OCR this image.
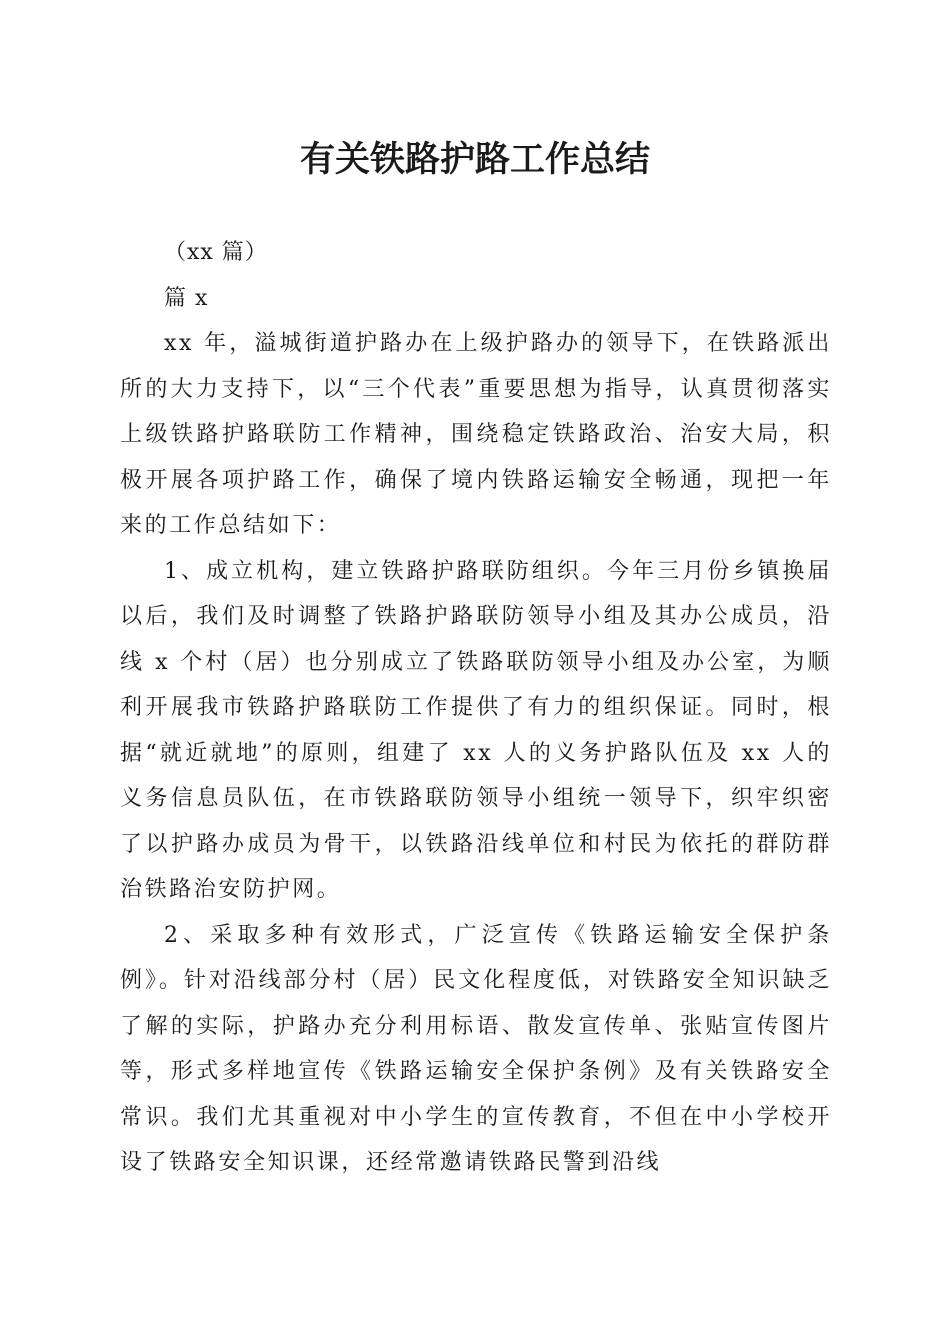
有关铁路护路工作总结

（xx 篇）

篇 x

xx 年，溢城街道护路办在上级护路办的领导下，在铁路派出所的大力支持下，以“三个代表”重要思想为指导，认真贯彻落实上级铁路护路联防工作精神，围绕稳定铁路政治、治安大局，积极开展各项护路工作，确保了境内铁路运输安全畅通，现把一年来的工作总结如下：

1、成立机构，建立铁路护路联防组织。今年三月份乡镇换届以后，我们及时调整了铁路护路联防领导小组及其办公成员，沿线 x 个村（居）也分别成立了铁路联防领导小组及办公室，为顺利开展我市铁路护路联防工作提供了有力的组织保证。同时，根据“就近就地”的原则，组建了 xx 人的义务护路队伍及 xx 人的义务信息员队伍，在市铁路联防领导小组统一领导下，织牢织密了以护路办成员为骨干，以铁路沿线单位和村民为依托的群防群治铁路治安防护网。

2、采取多种有效形式，广泛宣传《铁路运输安全保护条例》。针对沿线部分村（居）民文化程度低，对铁路安全知识缺乏了解的实际，护路办充分利用标语、散发宣传单、张贴宣传图片等，形式多样地宣传《铁路运输安全保护条例》及有关铁路安全常识。我们尤其重视对中小学生的宣传教育，不但在中小学校开设了铁路安全知识课，还经常邀请铁路民警到沿线
